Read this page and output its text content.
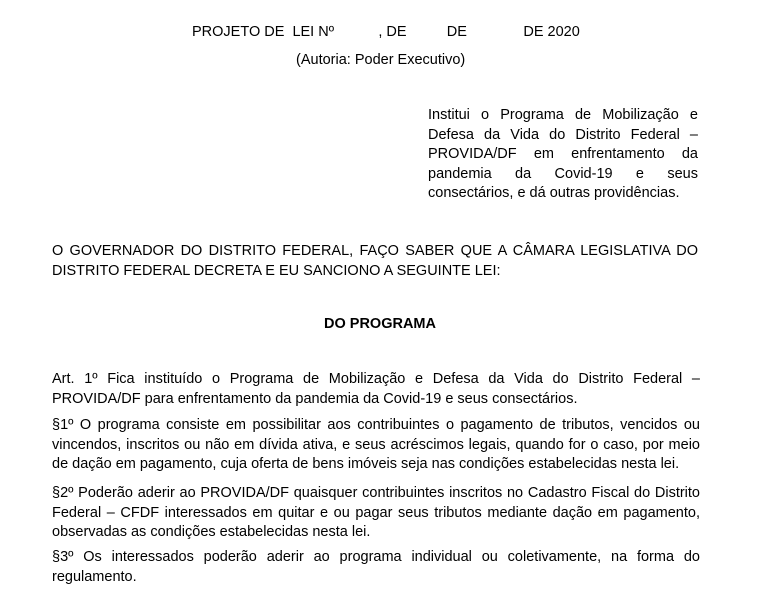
PROJETO DE  LEI Nº           , DE          DE              DE 2020
(Autoria: Poder Executivo)
Institui o Programa de Mobilização e Defesa da Vida do Distrito Federal – PROVIDA/DF em enfrentamento da pandemia da Covid-19 e seus consectários, e dá outras providências.
O GOVERNADOR DO DISTRITO FEDERAL, FAÇO SABER QUE A CÂMARA LEGISLATIVA DO DISTRITO FEDERAL DECRETA E EU SANCIONO A SEGUINTE LEI:
DO PROGRAMA
Art. 1º Fica instituído o Programa de Mobilização e Defesa da Vida do Distrito Federal – PROVIDA/DF para enfrentamento da pandemia da Covid-19 e seus consectários.
§1º O programa consiste em possibilitar aos contribuintes o pagamento de tributos, vencidos ou vincendos, inscritos ou não em dívida ativa, e seus acréscimos legais, quando for o caso, por meio de dação em pagamento, cuja oferta de bens imóveis seja nas condições estabelecidas nesta lei.
§2º Poderão aderir ao PROVIDA/DF quaisquer contribuintes inscritos no Cadastro Fiscal do Distrito Federal – CFDF interessados em quitar e ou pagar seus tributos mediante dação em pagamento, observadas as condições estabelecidas nesta lei.
§3º Os interessados poderão aderir ao programa individual ou coletivamente, na forma do regulamento.
